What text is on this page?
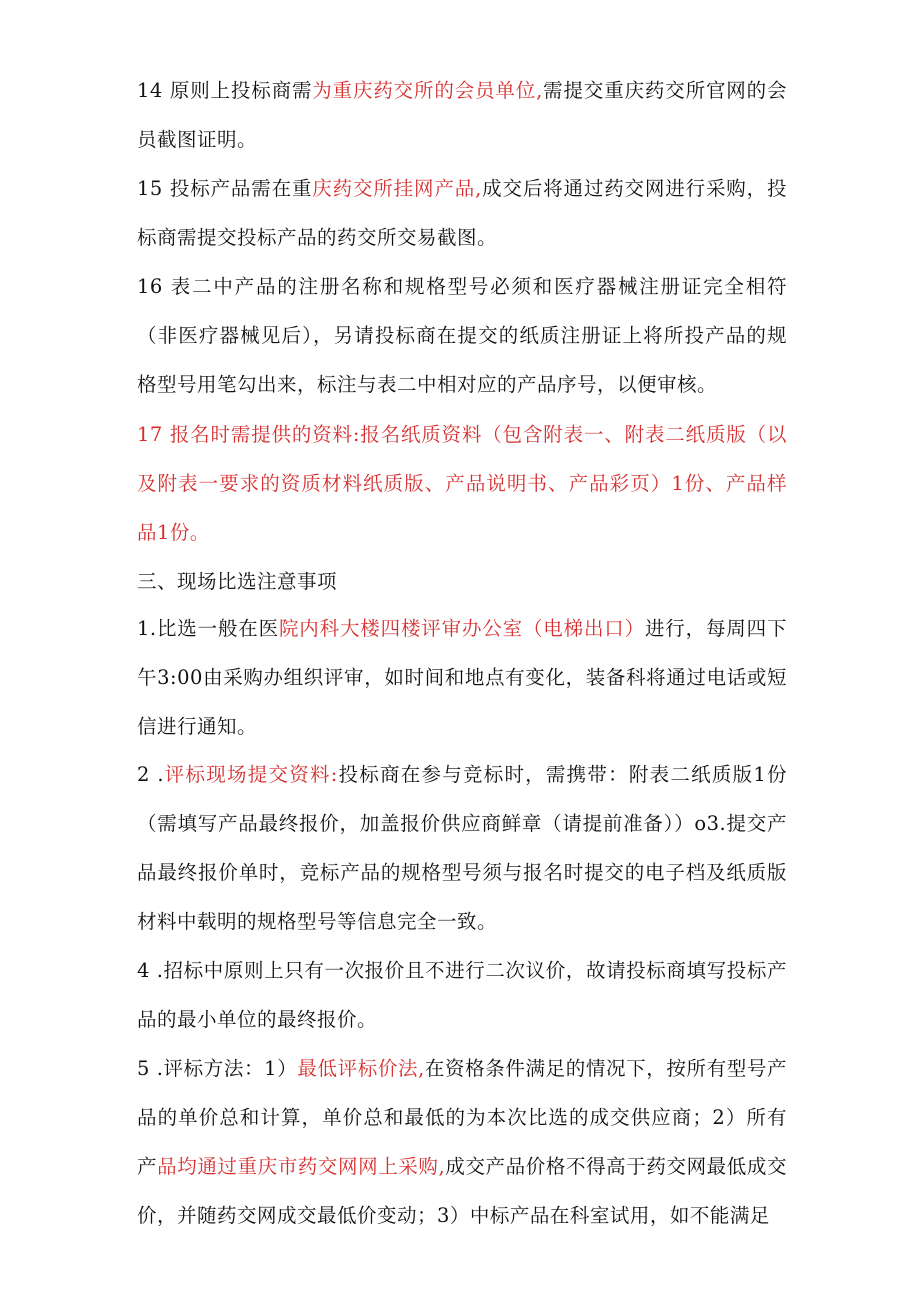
14 原则上投标商需为重庆药交所的会员单位,需提交重庆药交所官网的会员截图证明。

15 投标产品需在重庆药交所挂网产品,成交后将通过药交网进行采购，投标商需提交投标产品的药交所交易截图。

16 表二中产品的注册名称和规格型号必须和医疗器械注册证完全相符（非医疗器械见后），另请投标商在提交的纸质注册证上将所投产品的规格型号用笔勾出来，标注与表二中相对应的产品序号，以便审核。

17 报名时需提供的资料:报名纸质资料（包含附表一、附表二纸质版（以及附表一要求的资质材料纸质版、产品说明书、产品彩页）1份、产品样品1份。

三、现场比选注意事项

1.比选一般在医院内科大楼四楼评审办公室（电梯出口）进行，每周四下午3:00由采购办组织评审，如时间和地点有变化，装备科将通过电话或短信进行通知。

2 .评标现场提交资料:投标商在参与竞标时，需携带：附表二纸质版1份（需填写产品最终报价，加盖报价供应商鲜章（请提前准备））o3.提交产品最终报价单时，竞标产品的规格型号须与报名时提交的电子档及纸质版材料中载明的规格型号等信息完全一致。

4 .招标中原则上只有一次报价且不进行二次议价，故请投标商填写投标产品的最小单位的最终报价。

5 .评标方法：1）最低评标价法,在资格条件满足的情况下，按所有型号产品的单价总和计算，单价总和最低的为本次比选的成交供应商；2）所有产品均通过重庆市药交网网上采购,成交产品价格不得高于药交网最低成交价，并随药交网成交最低价变动；3）中标产品在科室试用，如不能满足
